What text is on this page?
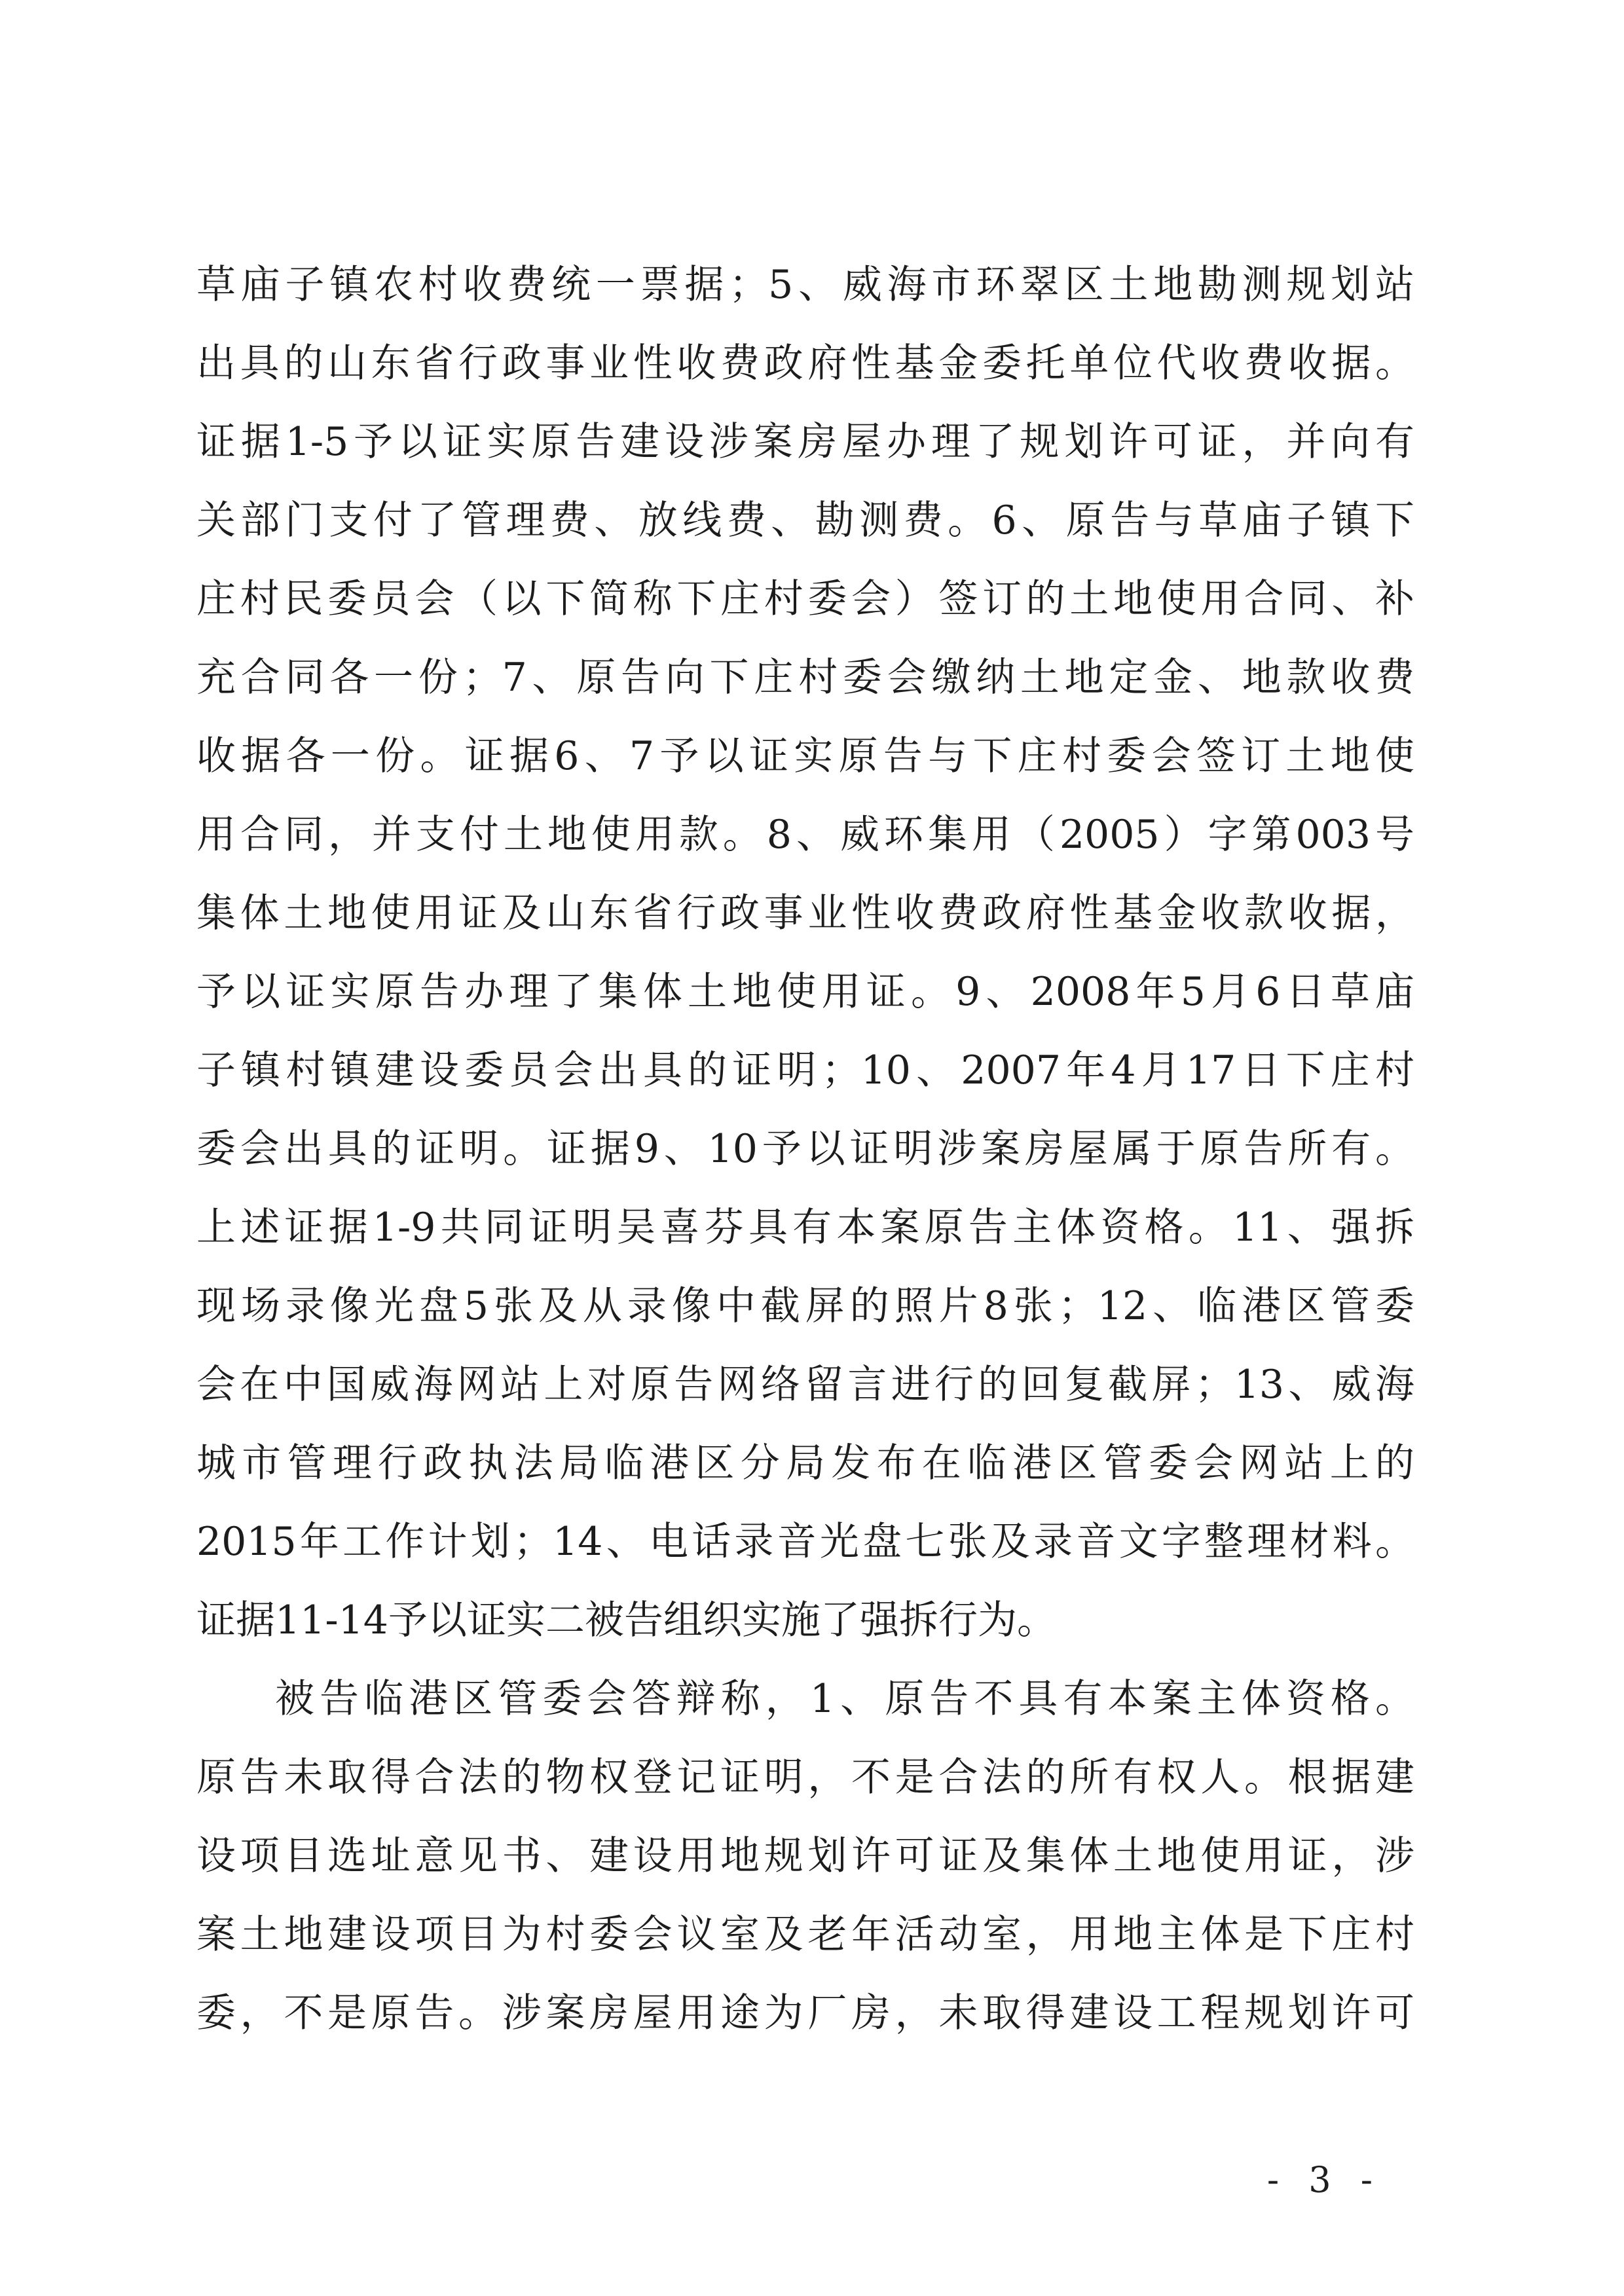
草庙子镇农村收费统一票据；5、威海市环翠区土地勘测规划站
出具的山东省行政事业性收费政府性基金委托单位代收费收据。
证据1-5予以证实原告建设涉案房屋办理了规划许可证，并向有
关部门支付了管理费、放线费、勘测费。6、原告与草庙子镇下
庄村民委员会（以下简称下庄村委会）签订的土地使用合同、补
充合同各一份；7、原告向下庄村委会缴纳土地定金、地款收费
收据各一份。证据6、7予以证实原告与下庄村委会签订土地使
用合同，并支付土地使用款。8、威环集用（2005）字第003号
集体土地使用证及山东省行政事业性收费政府性基金收款收据，
予以证实原告办理了集体土地使用证。9、2008年5月6日草庙
子镇村镇建设委员会出具的证明；10、2007年4月17日下庄村
委会出具的证明。证据9、10予以证明涉案房屋属于原告所有。
上述证据1-9共同证明吴喜芬具有本案原告主体资格。11、强拆
现场录像光盘5张及从录像中截屏的照片8张；12、临港区管委
会在中国威海网站上对原告网络留言进行的回复截屏；13、威海
城市管理行政执法局临港区分局发布在临港区管委会网站上的
2015年工作计划；14、电话录音光盘七张及录音文字整理材料。
证据11-14予以证实二被告组织实施了强拆行为。
被告临港区管委会答辩称，1、原告不具有本案主体资格。
原告未取得合法的物权登记证明，不是合法的所有权人。根据建
设项目选址意见书、建设用地规划许可证及集体土地使用证，涉
案土地建设项目为村委会议室及老年活动室，用地主体是下庄村
委，不是原告。涉案房屋用途为厂房，未取得建设工程规划许可

- 3 -
